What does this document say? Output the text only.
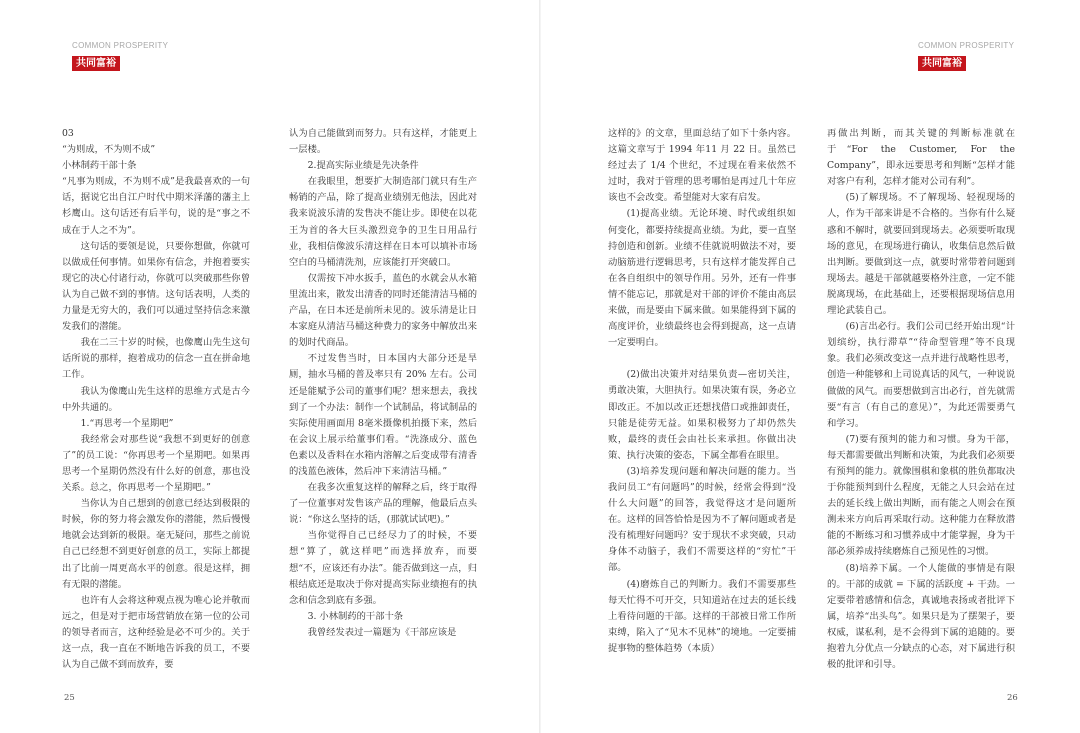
COMMON PROSPERITY
共同富裕

03

“为则成，不为则不成”

小林制药干部十条

“凡事为则成，不为则不成”是我最喜欢的一句话，据说它出自江户时代中期米泽藩的藩主上杉鹰山。这句话还有后半句，说的是“事之不成在于人之不为”。

这句话的要领是说，只要你想做，你就可以做成任何事情。如果你有信念，并抱着要实现它的决心付诸行动，你就可以突破那些你曾认为自己做不到的事情。这句话表明，人类的力量是无穷大的，我们可以通过坚持信念来激发我们的潜能。

我在二三十岁的时候，也像鹰山先生这句话所说的那样，抱着成功的信念一直在拼命地工作。

我认为像鹰山先生这样的思维方式是古今中外共通的。

1.“再思考一个星期吧”

我经常会对那些说“我想不到更好的创意了”的员工说：“你再思考一个星期吧。如果再思考一个星期仍然没有什么好的创意，那也没关系。总之，你再思考一个星期吧。”

当你认为自己想到的创意已经达到极限的时候，你的努力将会激发你的潜能，然后慢慢地就会达到新的极限。毫无疑问，那些之前说自己已经想不到更好创意的员工，实际上都提出了比前一周更高水平的创意。很是这样，拥有无限的潜能。

也许有人会将这种观点视为唯心论并敬而远之，但是对于把市场营销放在第一位的公司的领导者而言，这种经验是必不可少的。关于这一点，我一直在不断地告诉我的员工，不要认为自己做不到而放弃，要

认为自己能做到而努力。只有这样，才能更上一层楼。

2.提高实际业绩是先决条件

在我眼里，想要扩大制造部门就只有生产畅销的产品，除了提高业绩别无他法，因此对我来说波乐清的发售决不能让步。即使在以花王为首的各大巨头激烈竞争的卫生日用品行业，我相信像波乐清这样在日本可以填补市场空白的马桶清洗剂，应该能打开突破口。

仅需按下冲水扳手，蓝色的水就会从水箱里流出来，散发出清香的同时还能清洁马桶的产品，在日本还是前所未见的。波乐清是让日本家庭从清洁马桶这种费力的家务中解放出来的划时代商品。

不过发售当时，日本国内大部分还是旱厕，抽水马桶的普及率只有 20% 左右。公司还是能赋予公司的董事们呢？想来想去，我找到了一个办法：制作一个试制品，将试制品的实际使用画面用 8毫米摄像机拍摄下来，然后在会议上展示给董事们看。“洗涤成分、蓝色色素以及香料在水箱内溶解之后变成带有清香的浅蓝色液体，然后冲下来清洁马桶。”

在我多次重复这样的解释之后，终于取得了一位董事对发售该产品的理解，他最后点头说：“你这么坚持的话，(那就试试吧)。”

当你觉得自己已经尽力了的时候，不要想“算了，就这样吧”而选择放弃，而要想“不，应该还有办法”。能否做到这一点，归根结底还是取决于你对提高实际业绩抱有的执念和信念到底有多强。

3. 小林制药的干部十条

我曾经发表过一篇题为《干部应该是

25
COMMON PROSPERITY
共同富裕

这样的》的文章，里面总结了如下十条内容。这篇文章写于 1994 年11 月 22 日。虽然已经过去了 1/4 个世纪，不过现在看来依然不过时，我对于管理的思考哪怕是再过几十年应该也不会改变。希望能对大家有启发。

(1)提高业绩。无论环境、时代或组织如何变化，都要持续提高业绩。为此，要一直坚持创造和创新。业绩不佳就说明做法不对，要动脑筋进行逻辑思考，只有这样才能发挥自己在各自组织中的领导作用。另外，还有一件事情不能忘记，那就是对干部的评价不能由高层来做，而是要由下属来做。如果能得到下属的高度评价，业绩最终也会得到提高，这一点请一定要明白。

(2)做出决策并对结果负责—密切关注，勇敢决策，大胆执行。如果决策有误，务必立即改正。不加以改正还想找借口或推卸责任，只能是徒劳无益。如果积极努力了却仍然失败，最终的责任会由社长来承担。你做出决策、执行决策的姿态，下属全都看在眼里。

(3)培养发现问题和解决问题的能力。当我问员工“有问题吗”的时候，经常会得到“没什么大问题”的回答，我觉得这才是问题所在。这样的回答恰恰是因为不了解问题或者是没有梳理好问题吗？安于现状不求突破，只动身体不动脑子，我们不需要这样的“穷忙”干部。

(4)磨炼自己的判断力。我们不需要那些每天忙得不可开交，只知道站在过去的延长线上看待问题的干部。这样的干部被日常工作所束缚，陷入了“见木不见林”的境地。一定要捕捉事物的整体趋势（本质）

再做出判断，而其关键的判断标准就在于“For the Customer, For the Company”，即永远要思考和判断“怎样才能对客户有利，怎样才能对公司有利”。

(5)了解现场。不了解现场、轻视现场的人，作为干部来讲是不合格的。当你有什么疑惑和不解时，就要回到现场去。必须要听取现场的意见，在现场进行确认，收集信息然后做出判断。要做到这一点，就要时常带着问题到现场去。越是干部就越要格外注意，一定不能脱离现场，在此基础上，还要根据现场信息用理论武装自己。

(6)言出必行。我们公司已经开始出现“计划缤纷，执行滞草”“待命型管理”等不良现象。我们必须改变这一点并进行战略性思考，创造一种能够和上司说真话的风气，一种说说做做的风气。而要想做到言出必行，首先就需要“有言（有自己的意见）”，为此还需要勇气和学习。

(7)要有预判的能力和习惯。身为干部，每天都需要做出判断和决策，为此我们必须要有预判的能力。就像围棋和象棋的胜负都取决于你能预判到什么程度，无能之人只会站在过去的延长线上做出判断，而有能之人则会在预测未来方向后再采取行动。这种能力在释放潜能的不断练习和习惯养成中才能掌握，身为干部必须养成持续磨炼自己预见性的习惯。

(8)培养下属。一个人能做的事情是有限的。干部的成就 = 下属的活跃度 + 干劲。一定要带着感情和信念，真诚地表扬或者批评下属，培养“出头鸟”。如果只是为了摆架子，要权威，谋私利，是不会得到下属的追随的。要抱着九分优点一分缺点的心态，对下属进行积极的批评和引导。

26
